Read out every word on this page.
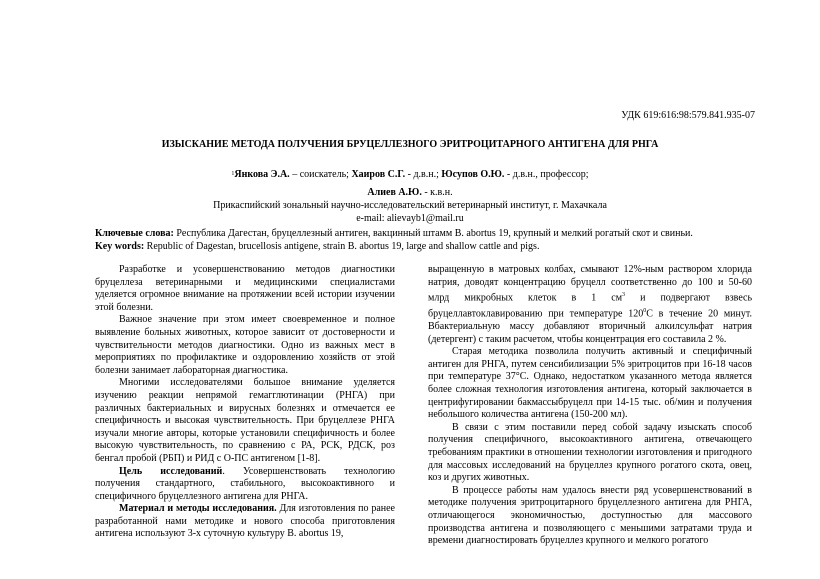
УДК 619:616:98:579.841.935-07
ИЗЫСКАНИЕ МЕТОДА ПОЛУЧЕНИЯ БРУЦЕЛЛЕЗНОГО ЭРИТРОЦИТАРНОГО АНТИГЕНА ДЛЯ РНГА
$^1$Янкова Э.А. – соискатель; Хаиров С.Г. - д.в.н.; Юсупов О.Ю. - д.в.н., профессор;
Алиев А.Ю. - к.в.н.
Прикаспийский зональный научно-исследовательский ветеринарный институт, г. Махачкала
e-mail: alievayb1@mail.ru
Ключевые слова: Республика Дагестан, бруцеллезный антиген, вакцинный штамм B. abortus 19, крупный и мелкий рогатый скот и свиньи.
Key words: Republic of Dagestan, brucellosis antigene, strain B. abortus 19, large and shallow cattle and pigs.

Разработке и усовершенствованию методов диагностики бруцеллеза ветеринарными и медицинскими специалистами уделяется огромное внимание на протяжении всей истории изучении этой болезни.

Важное значение при этом имеет своевременное и полное выявление больных животных, которое зависит от достоверности и чувствительности методов диагностики. Одно из важных мест в мероприятиях по профилактике и оздоровлению хозяйств от этой болезни занимает лабораторная диагностика.

Многими исследователями большое внимание уделяется изучению реакции непрямой гемагглютинации (РНГА) при различных бактериальных и вирусных болезнях и отмечается ее специфичность и высокая чувствительность. При бруцеллезе РНГА изучали многие авторы, которые установили специфичность и более высокую чувствительность, по сравнению с РА, РСК, РДСК, роз бенгал пробой (РБП) и РИД с О-ПС антигеном [1-8].

Цель исследований. Усовершенствовать технологию получения стандартного, стабильного, высокоактивного и специфичного бруцеллезного антигена для РНГА.

Материал и методы исследования. Для изготовления по ранее разработанной нами методике и нового способа приготовления антигена используют 3-х суточную культуру B. abortus 19,

выращенную в матровых колбах, смывают 12%-ным раствором хлорида натрия, доводят концентрацию бруцелл соответственно до 100 и 50-60 млрд микробных клеток в 1 $см^3$ и подвергают взвесь бруцеллавтоклавированию при температуре $120^0С$ в течение 20 минут. Вбактериальную массу добавляют вторичный алкилсульфат натрия (детергент) с таким расчетом, чтобы концентрация его составила 2 %.

Старая методика позволила получить активный и специфичный антиген для РНГА, путем сенсибилизации 5% эритроцитов при 16-18 часов при температуре 37°С. Однако, недостатком указанного метода является более сложная технология изготовления антигена, который заключается в центрифугировании бакмассыбруцелл при 14-15 тыс. об/мин и получения небольшого количества антигена (150-200 мл).

В связи с этим поставили перед собой задачу изыскать способ получения специфичного, высокоактивного антигена, отвечающего требованиям практики в отношении технологии изготовления и пригодного для массовых исследований на бруцеллез крупного рогатого скота, овец, коз и других животных.

В процессе работы нам удалось внести ряд усовершенствований в методике получения эритроцитарного бруцеллезного антигена для РНГА, отличающегося экономичностью, доступностью для массового производства антигена и позволяющего с меньшими затратами труда и времени диагностировать бруцеллез крупного и мелкого рогатого
